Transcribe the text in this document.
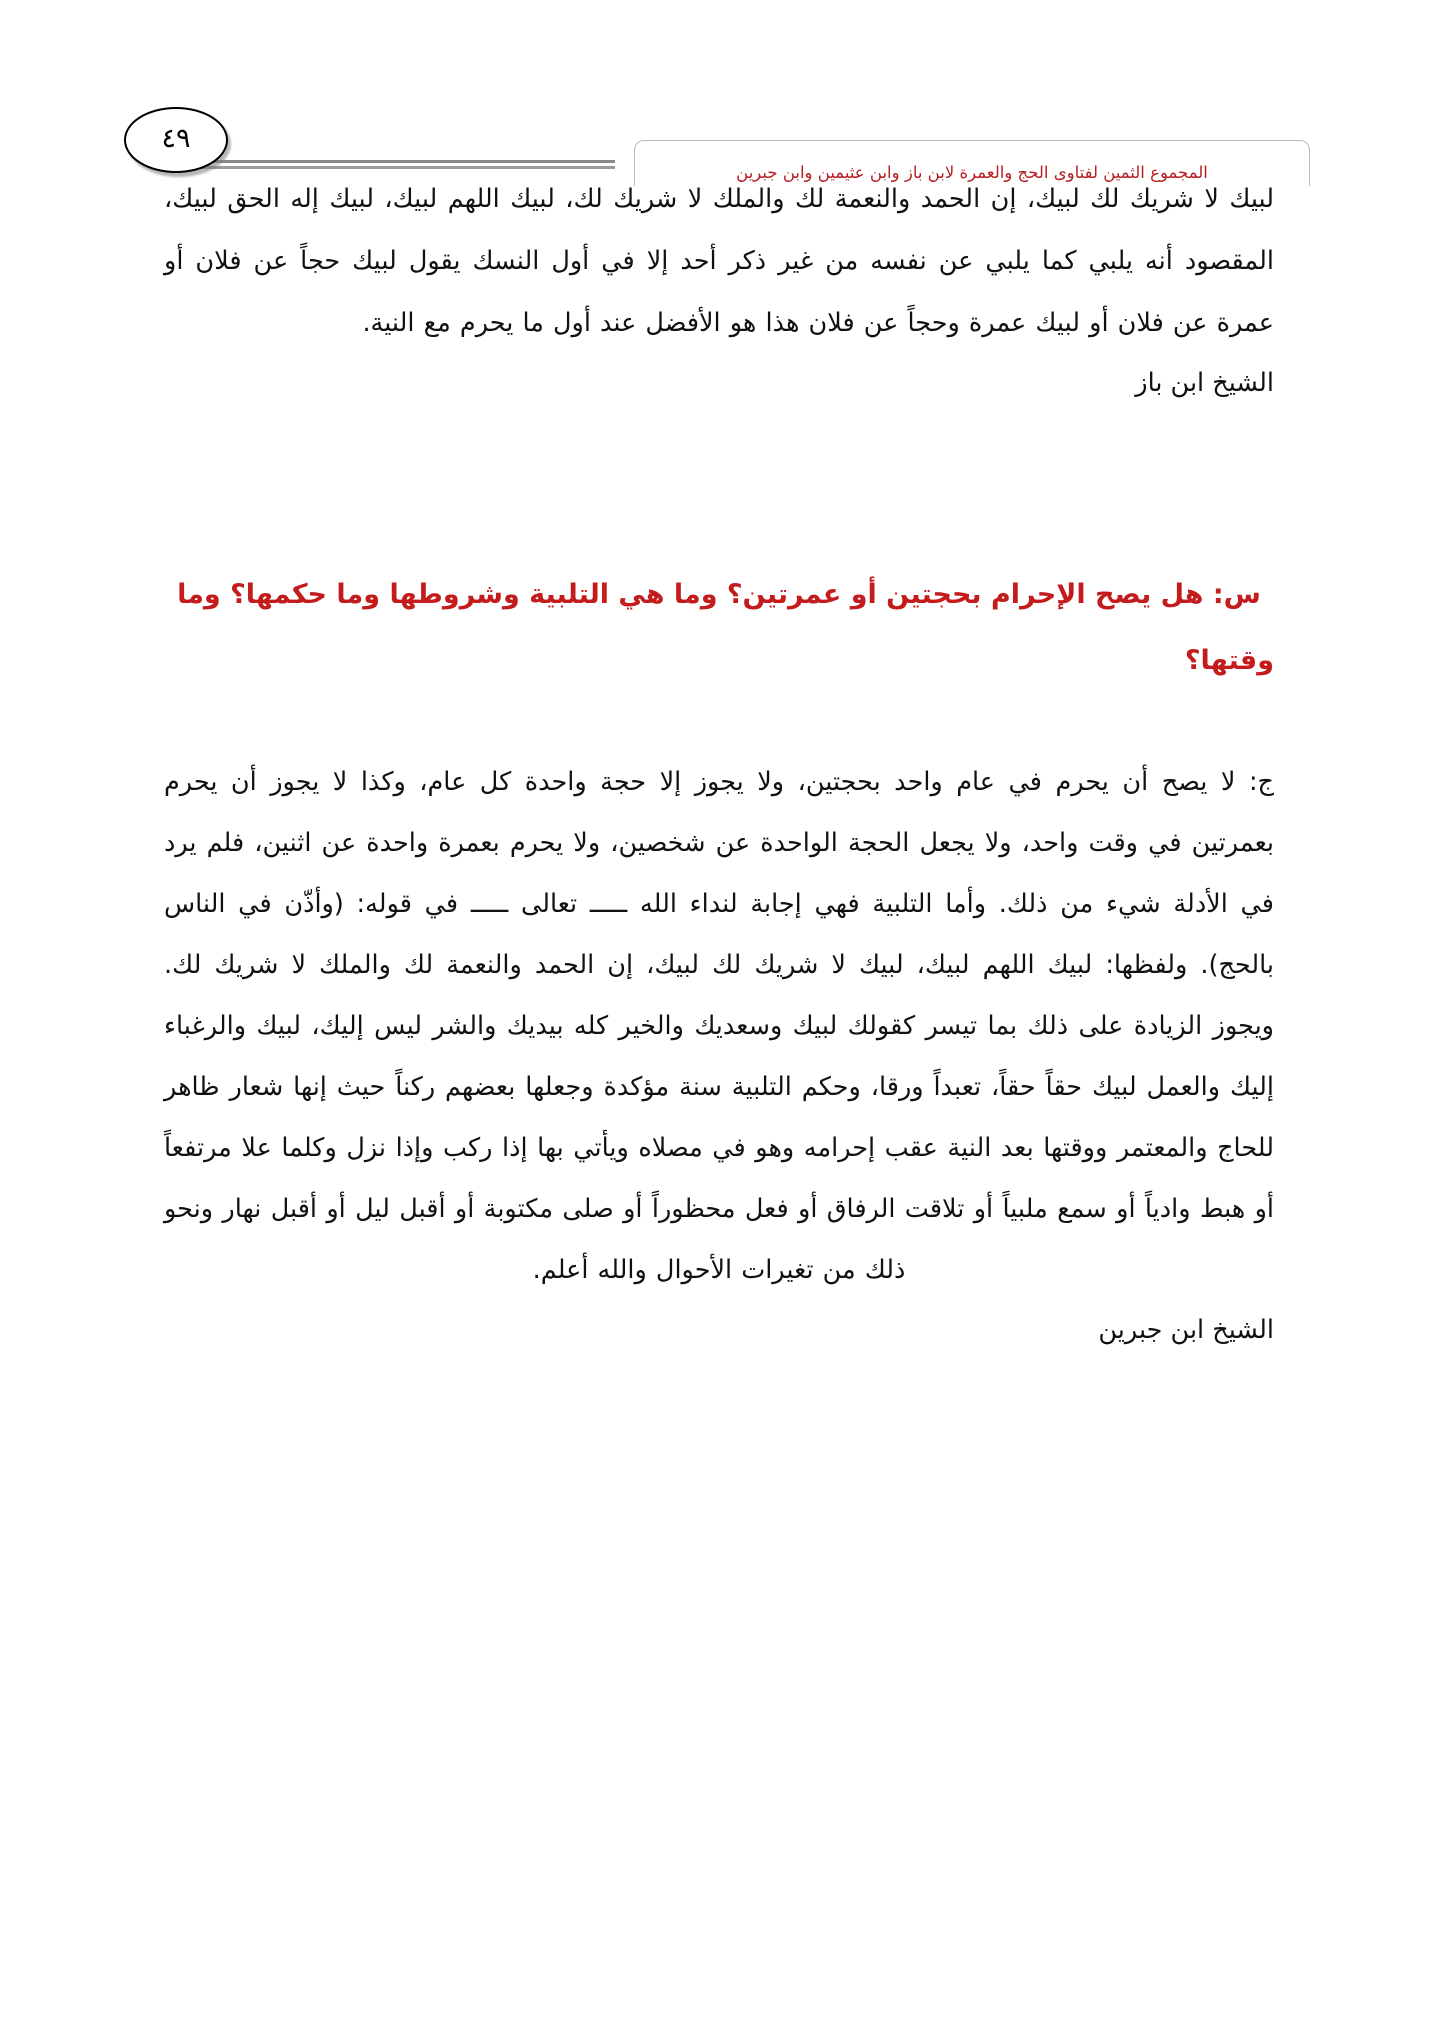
المجموع الثمين لفتاوى الحج والعمرة لابن باز وابن عثيمين وابن جبرين
٤٩

لبيك لا شريك لك لبيك، إن الحمد والنعمة لك والملك لا شريك لك، لبيك اللهم لبيك، لبيك إله الحق لبيك، المقصود أنه يلبي كما يلبي عن نفسه من غير ذكر أحد إلا في أول النسك يقول لبيك حجاً عن فلان أو عمرة عن فلان أو لبيك عمرة وحجاً عن فلان هذا هو الأفضل عند أول ما يحرم مع النية.

الشيخ ابن باز

س: هل يصح الإحرام بحجتين أو عمرتين؟ وما هي التلبية وشروطها وما حكمها؟ وما وقتها؟

ج: لا يصح أن يحرم في عام واحد بحجتين، ولا يجوز إلا حجة واحدة كل عام، وكذا لا يجوز أن يحرم بعمرتين في وقت واحد، ولا يجعل الحجة الواحدة عن شخصين، ولا يحرم بعمرة واحدة عن اثنين، فلم يرد في الأدلة شيء من ذلك. وأما التلبية فهي إجابة لنداء الله ـــــ تعالى ـــــ في قوله: (وأذّن في الناس بالحج). ولفظها: لبيك اللهم لبيك، لبيك لا شريك لك لبيك، إن الحمد والنعمة لك والملك لا شريك لك. ويجوز الزيادة على ذلك بما تيسر كقولك لبيك وسعديك والخير كله بيديك والشر ليس إليك، لبيك والرغباء إليك والعمل لبيك حقاً حقاً، تعبداً ورقا، وحكم التلبية سنة مؤكدة وجعلها بعضهم ركناً حيث إنها شعار ظاهر للحاج والمعتمر ووقتها بعد النية عقب إحرامه وهو في مصلاه ويأتي بها إذا ركب وإذا نزل وكلما علا مرتفعاً أو هبط وادياً أو سمع ملبياً أو تلاقت الرفاق أو فعل محظوراً أو صلى مكتوبة أو أقبل ليل أو أقبل نهار ونحو ذلك من تغيرات الأحوال والله أعلم.

الشيخ ابن جبرين
